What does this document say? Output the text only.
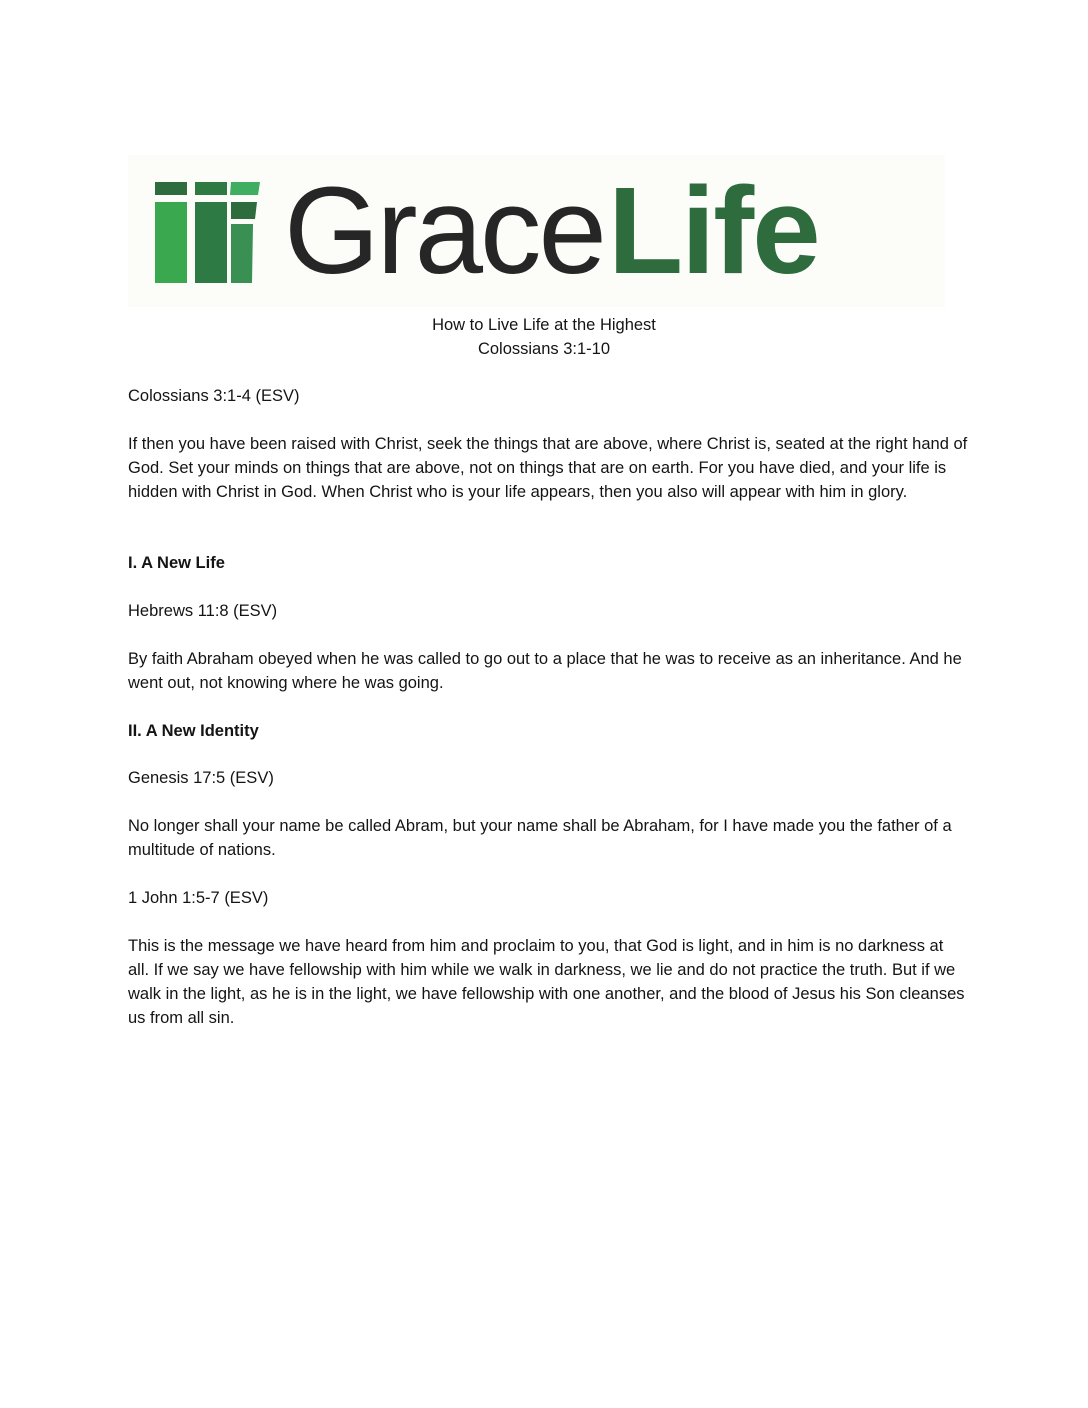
Grace Life
How to Live Life at the Highest
Colossians 3:1-10
Colossians 3:1-4 (ESV)
If then you have been raised with Christ, seek the things that are above, where Christ is, seated at the right hand of God. Set your minds on things that are above, not on things that are on earth. For you have died, and your life is hidden with Christ in God. When Christ who is your life appears, then you also will appear with him in glory.
I. A New Life
Hebrews 11:8 (ESV)
By faith Abraham obeyed when he was called to go out to a place that he was to receive as an inheritance. And he went out, not knowing where he was going.
II. A New Identity
Genesis 17:5 (ESV)
No longer shall your name be called Abram, but your name shall be Abraham, for I have made you the father of a multitude of nations.
1 John 1:5-7 (ESV)
This is the message we have heard from him and proclaim to you, that God is light, and in him is no darkness at all. If we say we have fellowship with him while we walk in darkness, we lie and do not practice the truth. But if we walk in the light, as he is in the light, we have fellowship with one another, and the blood of Jesus his Son cleanses us from all sin.
